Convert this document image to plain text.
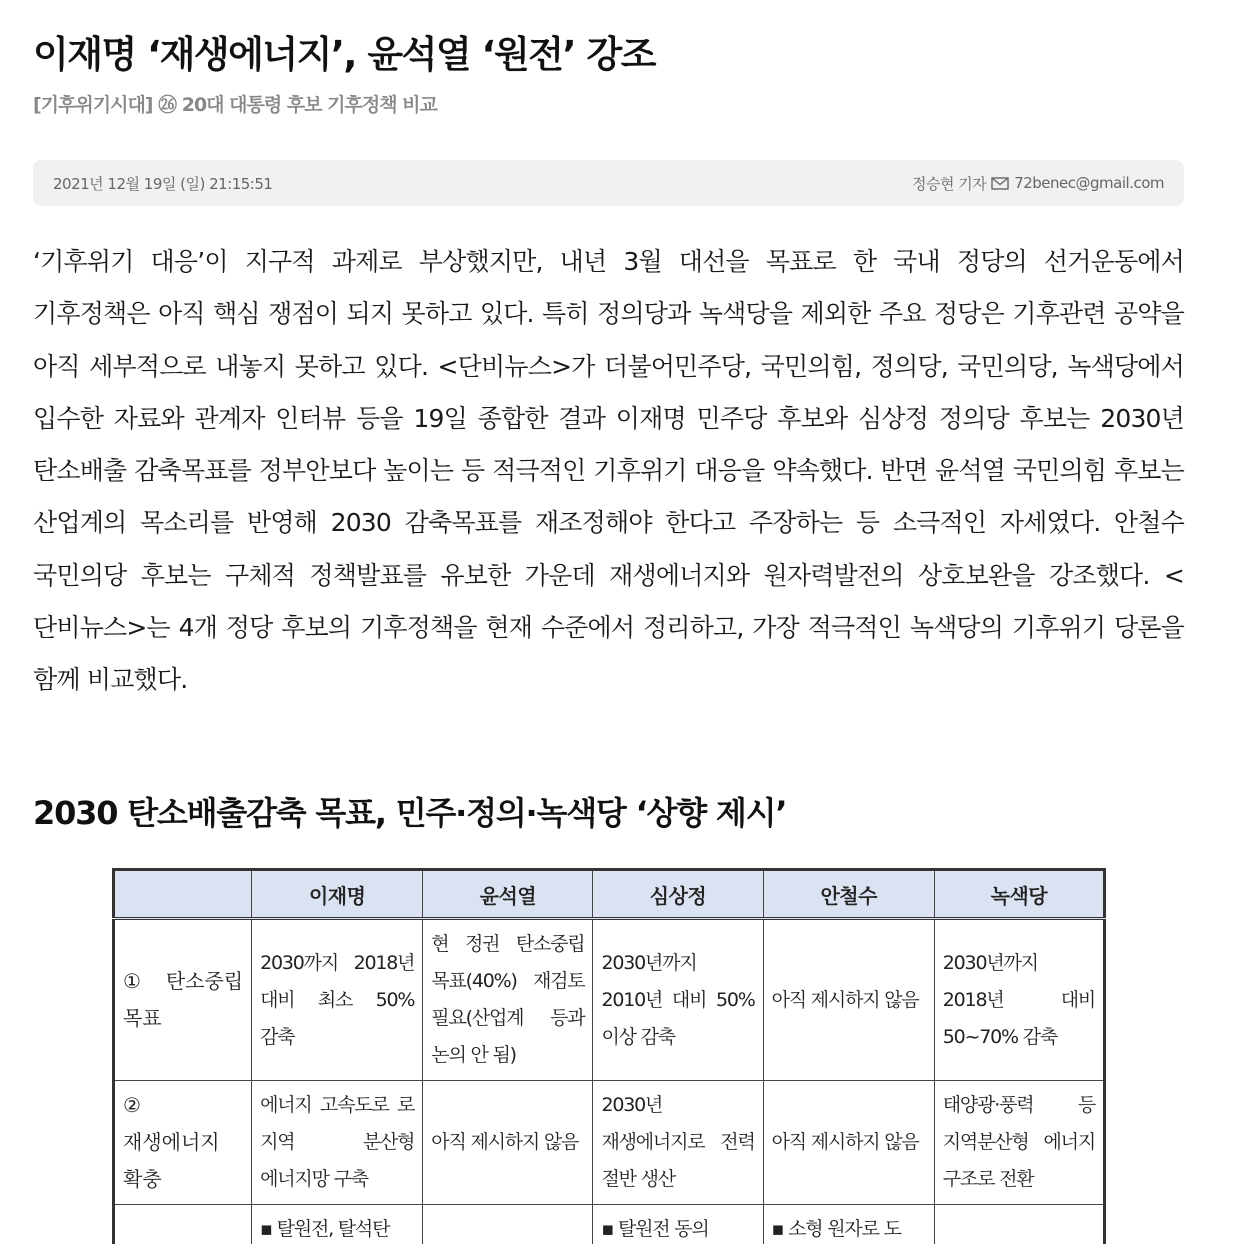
이재명 ‘재생에너지’, 윤석열 ‘원전’ 강조
[기후위기시대] ㉖ 20대 대통령 후보 기후정책 비교
2021년 12월 19일 (일) 21:15:51	정승현 기자 72benec@gmail.com

‘기후위기 대응’이 지구적 과제로 부상했지만, 내년 3월 대선을 목표로 한 국내 정당의 선거운동에서 기후정책은 아직 핵심 쟁점이 되지 못하고 있다. 특히 정의당과 녹색당을 제외한 주요 정당은 기후관련 공약을 아직 세부적으로 내놓지 못하고 있다. <단비뉴스>가 더불어민주당, 국민의힘, 정의당, 국민의당, 녹색당에서 입수한 자료와 관계자 인터뷰 등을 19일 종합한 결과 이재명 민주당 후보와 심상정 정의당 후보는 2030년 탄소배출 감축목표를 정부안보다 높이는 등 적극적인 기후위기 대응을 약속했다. 반면 윤석열 국민의힘 후보는 산업계의 목소리를 반영해 2030 감축목표를 재조정해야 한다고 주장하는 등 소극적인 자세였다. 안철수 국민의당 후보는 구체적 정책발표를 유보한 가운데 재생에너지와 원자력발전의 상호보완을 강조했다. <단비뉴스>는 4개 정당 후보의 기후정책을 현재 수준에서 정리하고, 가장 적극적인 녹색당의 기후위기 당론을 함께 비교했다.

2030 탄소배출감축 목표, 민주·정의·녹색당 ‘상향 제시’
	이재명	윤석열	심상정	안철수	녹색당
① 탄소중립 목표	2030까지 2018년 대비 최소 50% 감축	현 정권 탄소중립 목표(40%) 재검토 필요(산업계 등과 논의 안 됨)	2030년까지 2010년 대비 50% 이상 감축	아직 제시하지 않음	2030년까지 2018년 대비 50~70% 감축
② 재생에너지 확충	에너지 고속도로 로 지역 분산형 에너지망 구축	아직 제시하지 않음	2030년 재생에너지로 전력 절반 생산	아직 제시하지 않음	태양광·풍력 등 지역분산형 에너지 구조로 전환
	▪ 탈원전, 탈석탄		▪ 탈원전 동의	▪ 소형 원자로 도	
